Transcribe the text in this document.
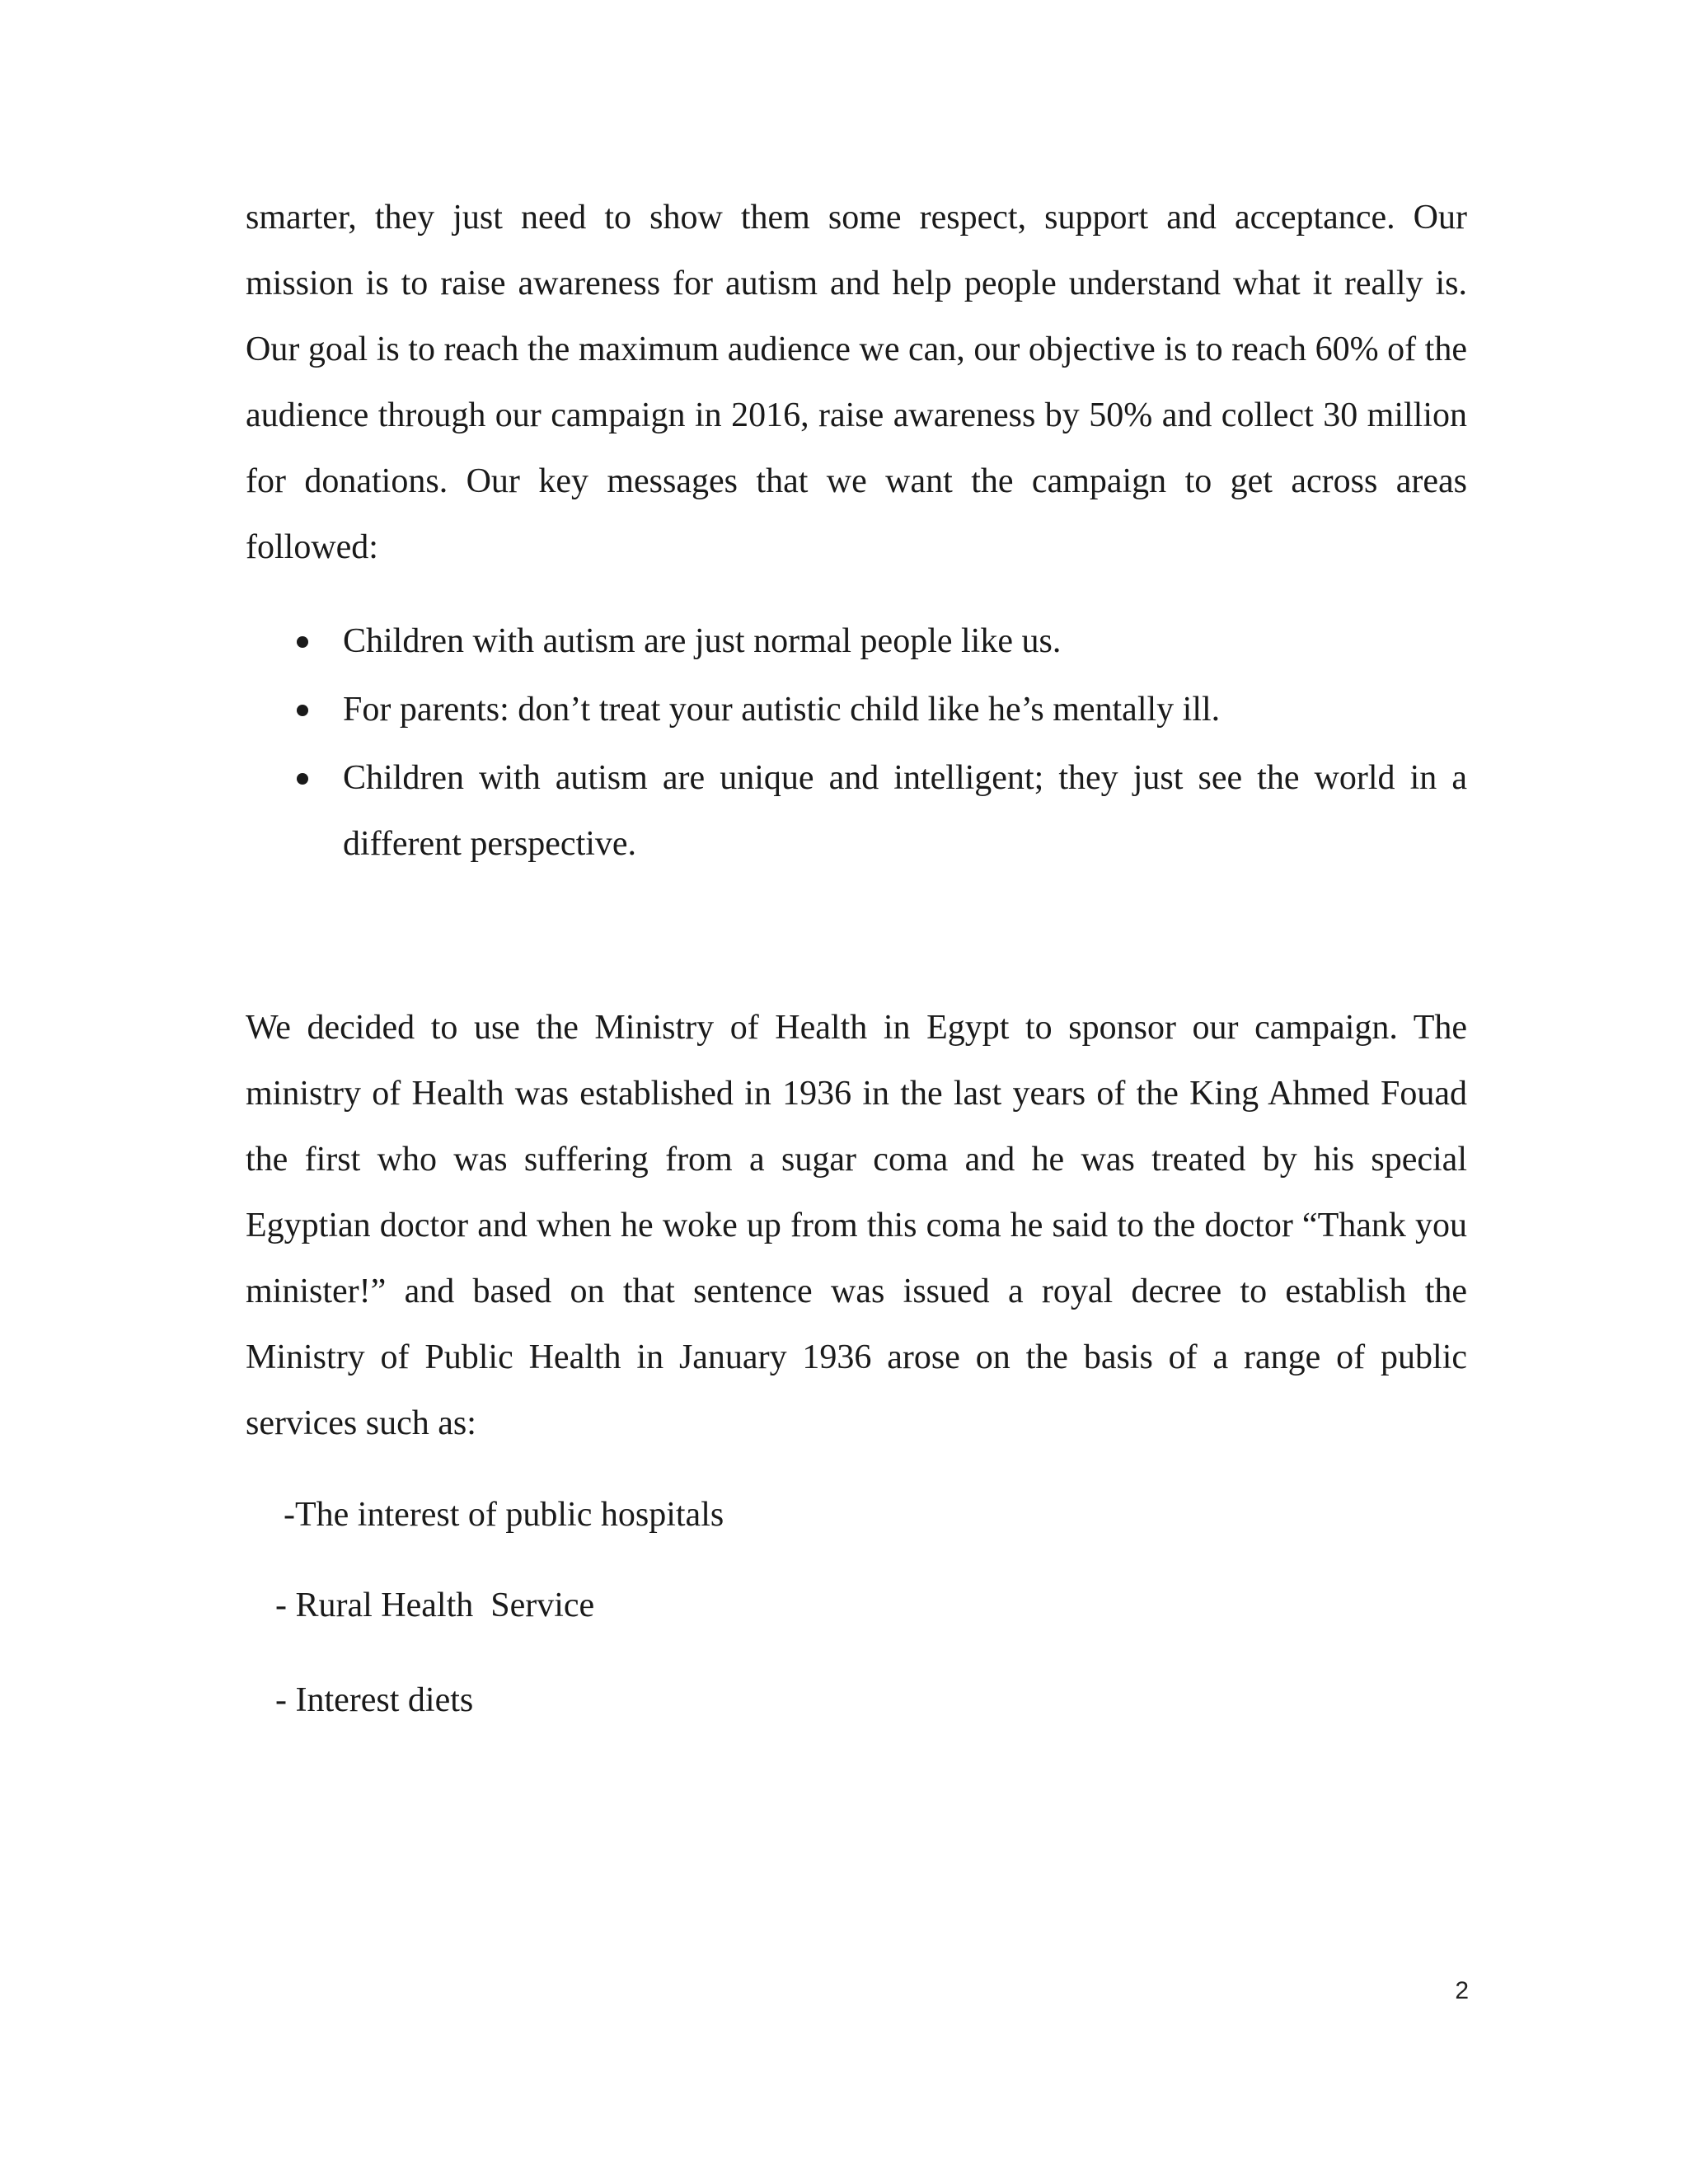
smarter, they just need to show them some respect, support and acceptance. Our mission is to raise awareness for autism and help people understand what it really is. Our goal is to reach the maximum audience we can, our objective is to reach 60% of the audience through our campaign in 2016, raise awareness by 50% and collect 30 million for donations. Our key messages that we want the campaign to get across areas followed:

Children with autism are just normal people like us.
For parents: don’t treat your autistic child like he’s mentally ill.
Children with autism are unique and intelligent; they just see the world in a different perspective.

We decided to use the Ministry of Health in Egypt to sponsor our campaign. The ministry of Health was established in 1936 in the last years of the King Ahmed Fouad the first who was suffering from a sugar coma and he was treated by his special Egyptian doctor and when he woke up from this coma he said to the doctor “Thank you minister!” and based on that sentence was issued a royal decree to establish the Ministry of Public Health in January 1936 arose on the basis of a range of public services such as:

-The interest of public hospitals
- Rural Health  Service
- Interest diets
2
